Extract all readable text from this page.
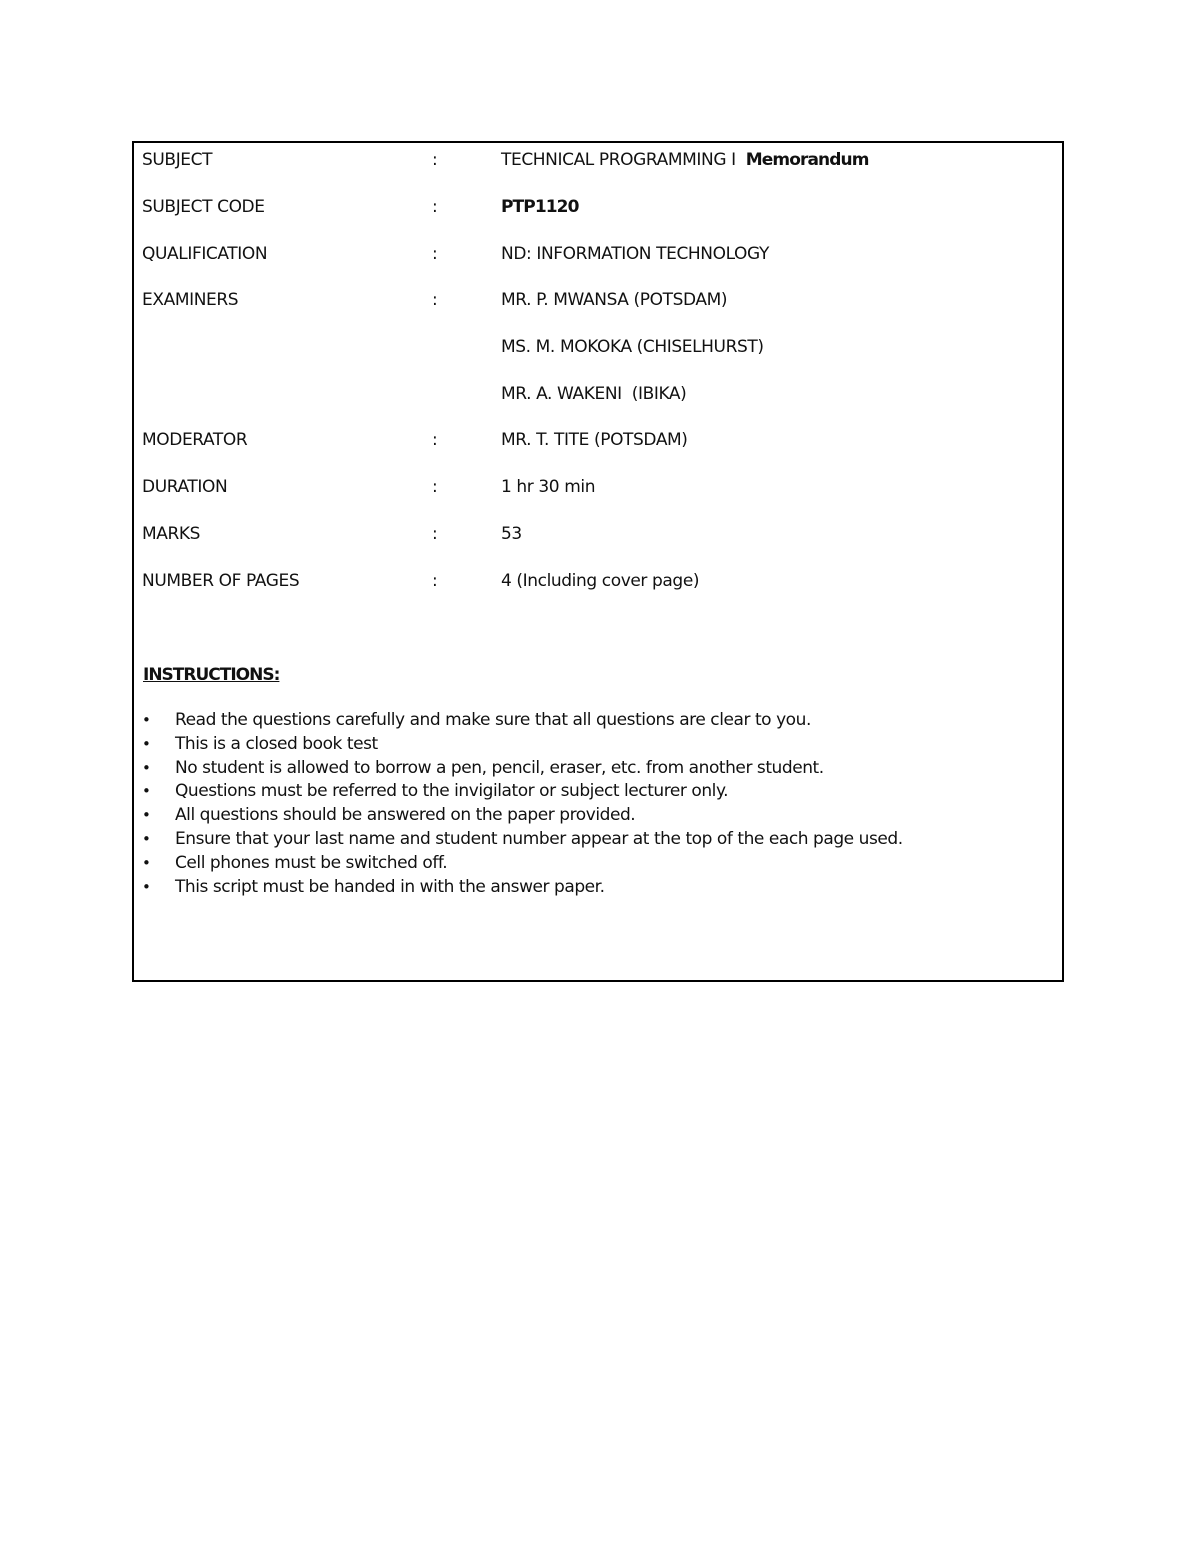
SUBJECT	:	TECHNICAL PROGRAMMING I Memorandum
SUBJECT CODE	:	PTP1120
QUALIFICATION	:	ND: INFORMATION TECHNOLOGY
EXAMINERS	:	MR. P. MWANSA (POTSDAM)
MS. M. MOKOKA (CHISELHURST)
MR. A. WAKENI  (IBIKA)
MODERATOR	:	MR. T. TITE (POTSDAM)
DURATION	:	1 hr 30 min
MARKS	:	53
NUMBER OF PAGES	:	4 (Including cover page)
INSTRUCTIONS:
• Read the questions carefully and make sure that all questions are clear to you.
• This is a closed book test
• No student is allowed to borrow a pen, pencil, eraser, etc. from another student.
• Questions must be referred to the invigilator or subject lecturer only.
• All questions should be answered on the paper provided.
• Ensure that your last name and student number appear at the top of the each page used.
• Cell phones must be switched off.
• This script must be handed in with the answer paper.
